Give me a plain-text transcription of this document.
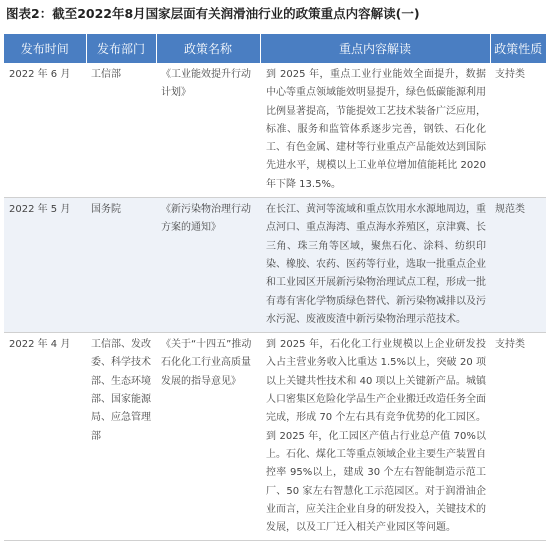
图表2：截至2022年8月国家层面有关润滑油行业的政策重点内容解读(一)
发布时间	发布部门	政策名称	重点内容解读	政策性质
2022 年 6 月	工信部	《工业能效提升行动计划》	到 2025 年，重点工业行业能效全面提升，数据中心等重点领域能效明显提升，绿色低碳能源利用比例显著提高，节能提效工艺技术装备广泛应用，标准、服务和监管体系逐步完善，钢铁、石化化工、有色金属、建材等行业重点产品能效达到国际先进水平，规模以上工业单位增加值能耗比 2020 年下降 13.5%。	支持类
2022 年 5 月	国务院	《新污染物治理行动方案的通知》	在长江、黄河等流域和重点饮用水水源地周边，重点河口、重点海湾、重点海水养殖区，京津冀、长三角、珠三角等区域，聚焦石化、涂料、纺织印染、橡胶、农药、医药等行业，选取一批重点企业和工业园区开展新污染物治理试点工程，形成一批有毒有害化学物质绿色替代、新污染物减排以及污水污泥、废液废渣中新污染物治理示范技术。	规范类
2022 年 4 月	工信部、发改委、科学技术部、生态环境部、国家能源局、应急管理部	《关于“十四五”推动石化化工行业高质量发展的指导意见》	到 2025 年，石化化工行业规模以上企业研发投入占主营业务收入比重达 1.5%以上，突破 20 项以上关键共性技术和 40 项以上关键新产品。城镇人口密集区危险化学品生产企业搬迁改造任务全面完成，形成 70 个左右具有竞争优势的化工园区。到 2025 年，化工园区产值占行业总产值 70%以上。石化、煤化工等重点领域企业主要生产装置自控率 95%以上，建成 30 个左右智能制造示范工厂、50 家左右智慧化工示范园区。对于润滑油企业而言，应关注企业自身的研发投入，关键技术的发展，以及工厂迁入相关产业园区等问题。	支持类
